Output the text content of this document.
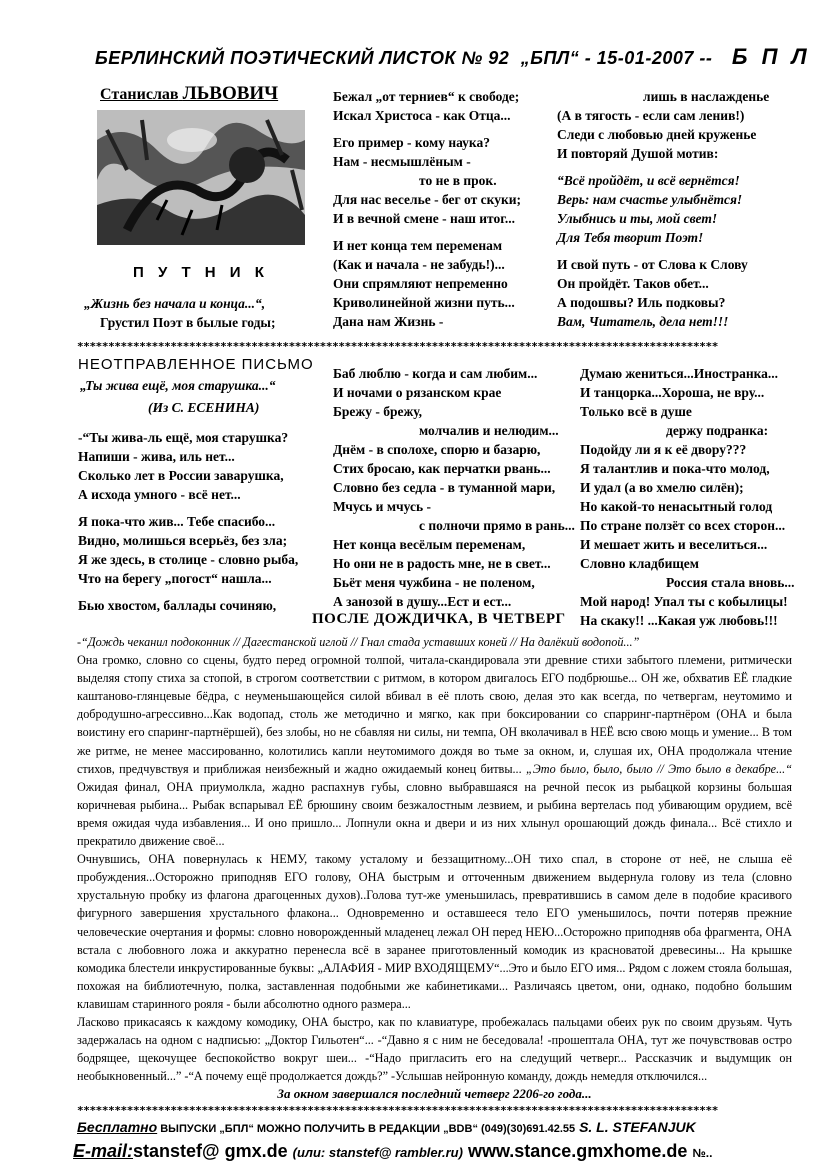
БЕРЛИНСКИЙ ПОЭТИЧЕСКИЙ ЛИСТОК № 92 „БПЛ“ - 15-01-2007 -- Б П Л
Станислав ЛЬВОВИЧ
П У Т Н И К
„Жизнь без начала и конца...“,
Грустил Поэт в былые годы;
Бежал „от терниев“ к свободе;
Искал Христоса - как Отца...
Его пример - кому наука?
Нам - несмышлёным -
то не в прок.
Для нас веселье - бег от скуки;
И в вечной смене - наш итог...
И нет конца тем переменам
(Как и начала - не забудь!)...
Они спрямляют непременно
Криволинейной жизни путь...
Дана нам Жизнь -
лишь в наслажденье
(А в тягость - если сам ленив!)
Следи с любовью дней круженье
И повторяй Душой мотив:
“Всё пройдёт, и всё вернётся!
Верь: нам счастье улыбнётся!
Улыбнись и ты, мой свет!
Для Тебя творит Поэт!
И свой путь - от Слова к Слову
Он пройдёт. Таков обет...
А подошвы? Иль подковы?
Вам, Читатель, дела нет!!!
*******************************************************************************************************
НЕОТПРАВЛЕННОЕ ПИСЬМО
„Ты жива ещё, моя старушка...“
(Из С. ЕСЕНИНА)
-“Ты жива-ль ещё, моя старушка?
Напиши - жива, иль нет...
Сколько лет в России заварушка,
А исхода умного - всё нет...
Я пока-что жив... Тебе спасибо...
Видно, молишься всерьёз, без зла;
Я же здесь, в столице - словно рыба,
Что на берегу „погост“ нашла...
Бью хвостом, баллады сочиняю,
Баб люблю - когда и сам любим...
И ночами о рязанском крае
Брежу - брежу,
молчалив и нелюдим...
Днём - в сполохе, спорю и базарю,
Стих бросаю, как перчатки рвань...
Словно без седла - в туманной мари,
Мчусь и мчусь -
с полночи прямо в рань...
Нет конца весёлым переменам,
Но они не в радость мне, не в свет...
Бьёт меня чужбина - не поленом,
А занозой в душу...Ест и ест...
Думаю жениться...Иностранка...
И танцорка...Хороша, не вру...
Только всё в душе
держу подранка:
Подойду ли я к её двору???
Я талантлив и пока-что молод,
И удал (а во хмелю силён);
Но какой-то ненасытный голод
По стране ползёт со всех сторон...
И мешает жить и веселиться...
Словно кладбищем
Россия стала вновь...
Мой народ! Упал ты с кобылицы!
На скаку!! ...Какая уж любовь!!!
ПОСЛЕ ДОЖДИЧКА, В ЧЕТВЕРГ
-“Дождь чеканил подоконник // Дагестанской иглой // Гнал стада уставших коней // На далёкий водопой...”
Она громко, словно со сцены, будто перед огромной толпой, читала-скандировала эти древние стихи забытого племени, ритмически выделяя стопу стиха за стопой, в строгом соответствии с ритмом, в котором двигалось ЕГО подбрюшье... ОН же, обхватив ЕЁ гладкие каштаново-глянцевые бёдра, с неуменьшающейся силой вбивал в её плоть свою, делая это как всегда, по четвергам, неутомимо и добродушно-агрессивно...Как водопад, столь же методично и мягко, как при боксировании со спарринг-партнёром (ОНА и была воистину его спаринг-партнёршей), без злобы, но не сбавляя ни силы, ни темпа, ОН вколачивал в НЕЁ всю свою мощь и умение... В том же ритме, не менее массированно, колотились капли неутомимого дождя во тьме за окном, и, слушая их, ОНА продолжала чтение стихов, предчувствуя и приближая неизбежный и жадно ожидаемый конец битвы... „Это было, было, было // Это было в декабре...“ Ожидая финал, ОНА приумолкла, жадно распахнув губы, словно выбравшаяся на речной песок из рыбацкой корзины большая коричневая рыбина... Рыбак вспарывал ЕЁ брюшину своим безжалостным лезвием, и рыбина вертелась под убивающим орудием, всё время ожидая чуда избавления... И оно пришло... Лопнули окна и двери и из них хлынул орошающий дождь финала... Всё стихло и прекратило движение своё...
Очнувшись, ОНА повернулась к НЕМУ, такому усталому и беззащитному...ОН тихо спал, в стороне от неё, не слыша её пробуждения...Осторожно приподняв ЕГО голову, ОНА быстрым и отточенным движением выдернула голову из тела (словно хрустальную пробку из флагона драгоценных духов)..Голова тут-же уменьшилась, превратившись в самом деле в подобие красивого фигурного завершения хрустального флакона... Одновременно и оставшееся тело ЕГО уменьшилось, почти потеряв прежние человеческие очертания и формы: словно новорожденный младенец лежал ОН перед НЕЮ...Осторожно приподняв оба фрагмента, ОНА встала с любовного ложа и аккуратно перенесла всё в заранее приготовленный комодик из красноватой древесины... На крышке комодика блестели инкрустированные буквы: „АЛАФИЯ - МИР ВХОДЯЩЕМУ“...Это и было ЕГО имя... Рядом с ложем стояла большая, похожая на библиотечную, полка, заставленная подобными же кабинетиками... Различаясь цветом, они, однако, подобно большим клавишам старинного рояля - были абсолютно одного размера...
Ласково прикасаясь к каждому комодику, ОНА быстро, как по клавиатуре, пробежалась пальцами обеих рук по своим друзьям. Чуть задержалась на одном с надписью: „Доктор Гильотен“... -“Давно я с ним не беседовала! -прошептала ОНА, тут же почувствовав остро бодрящее, щекочущее беспокойство вокруг шеи... -“Надо пригласить его на следущий четверг... Рассказчик и выдумщик он необыкновенный...” -“А почему ещё продолжается дождь?” -Услышав нейронную команду, дождь немедля отключился...
За окном завершался последний четверг 2206-го года...
*******************************************************************************************************
Бесплатно ВЫПУСКИ „БПЛ“ МОЖНО ПОЛУЧИТЬ В РЕДАКЦИИ „BDB“ (049)(30)691.42.55 S. L. STEFANJUK
E-mail:stanstef@ gmx.de (или: stanstef@ rambler.ru) www.stance.gmxhome.de №..
